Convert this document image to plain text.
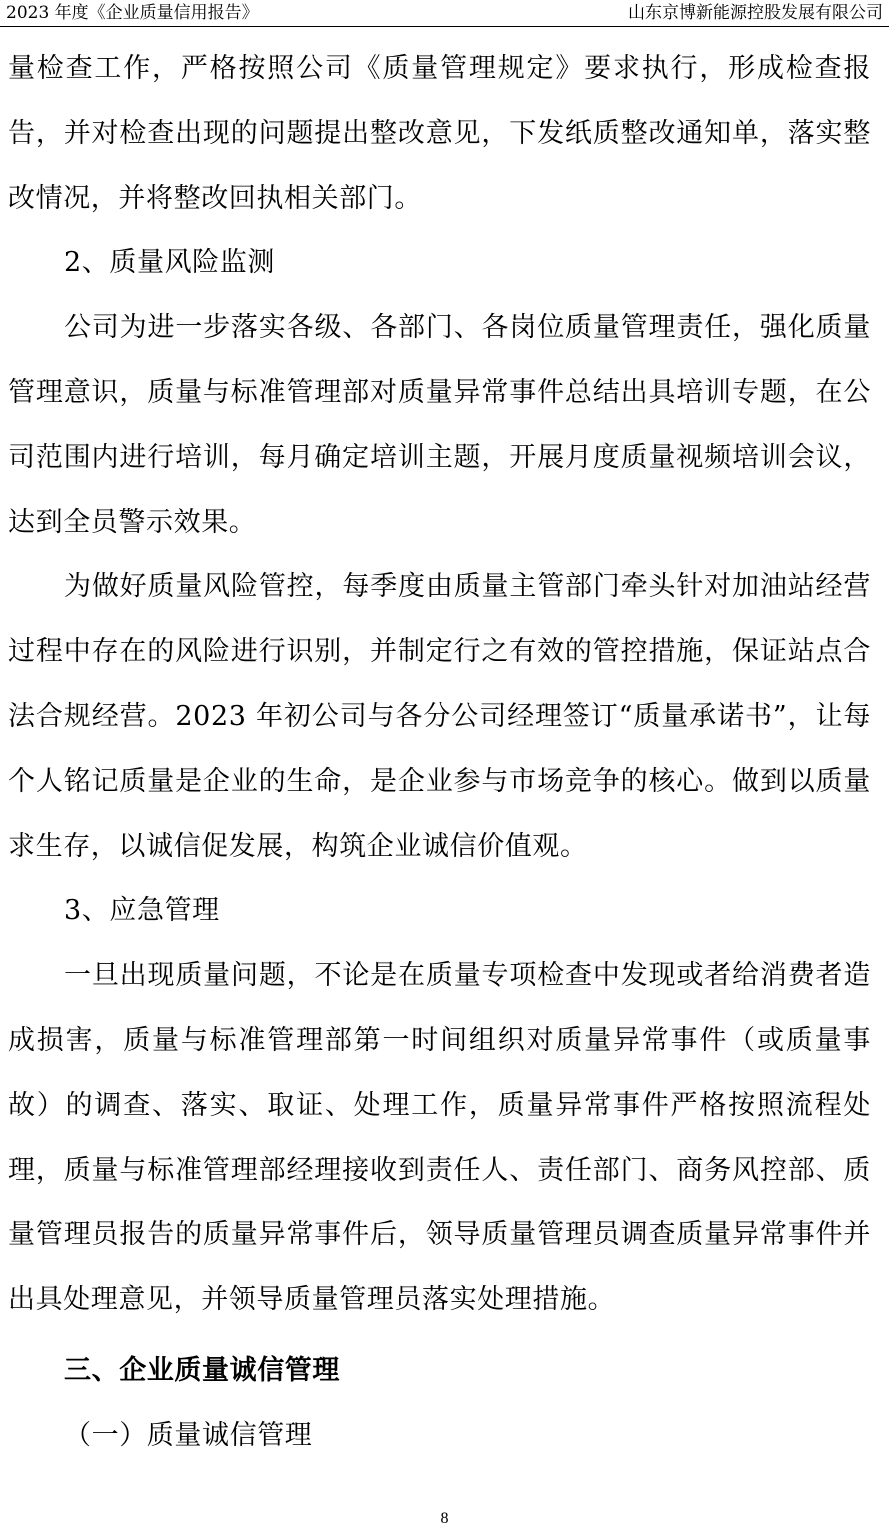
2023 年度《企业质量信用报告》	山东京博新能源控股发展有限公司

量检查工作，严格按照公司《质量管理规定》要求执行，形成检查报告，并对检查出现的问题提出整改意见，下发纸质整改通知单，落实整改情况，并将整改回执相关部门。

2、质量风险监测

公司为进一步落实各级、各部门、各岗位质量管理责任，强化质量管理意识，质量与标准管理部对质量异常事件总结出具培训专题，在公司范围内进行培训，每月确定培训主题，开展月度质量视频培训会议，达到全员警示效果。

为做好质量风险管控，每季度由质量主管部门牵头针对加油站经营过程中存在的风险进行识别，并制定行之有效的管控措施，保证站点合法合规经营。2023 年初公司与各分公司经理签订“质量承诺书”，让每个人铭记质量是企业的生命，是企业参与市场竞争的核心。做到以质量求生存，以诚信促发展，构筑企业诚信价值观。

3、应急管理

一旦出现质量问题，不论是在质量专项检查中发现或者给消费者造成损害，质量与标准管理部第一时间组织对质量异常事件（或质量事故）的调查、落实、取证、处理工作，质量异常事件严格按照流程处理，质量与标准管理部经理接收到责任人、责任部门、商务风控部、质量管理员报告的质量异常事件后，领导质量管理员调查质量异常事件并出具处理意见，并领导质量管理员落实处理措施。

三、企业质量诚信管理

（一）质量诚信管理

8
